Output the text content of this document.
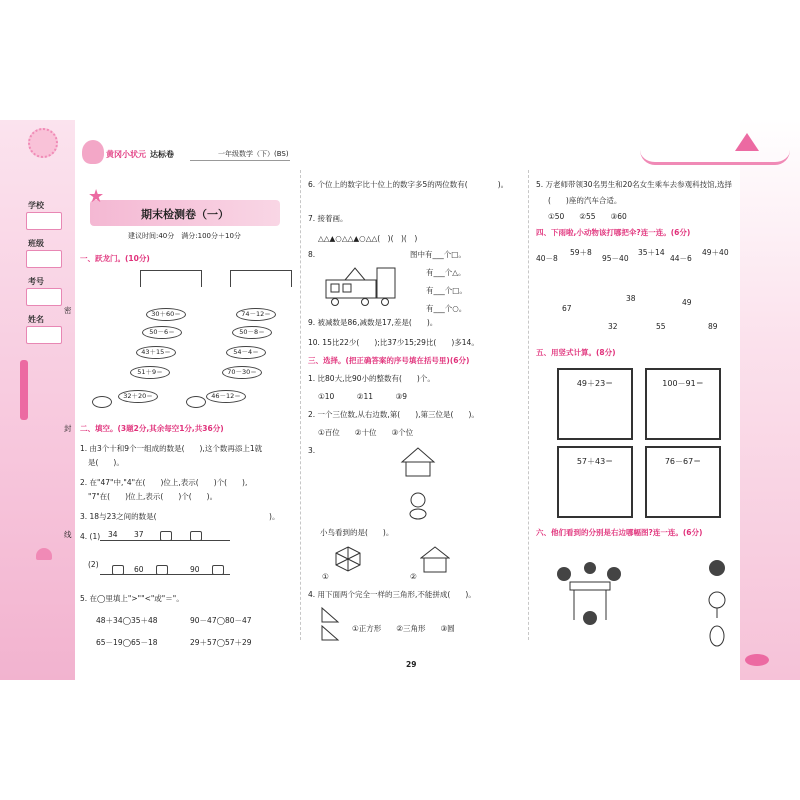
黄冈小状元 达标卷	一年级数学（下）(BS)
学校
班级
考号
姓名
密
封
线
期末检测卷（一）
★
建议时间:40分　满分:100分＋10分
一、跃龙门。(10分)
30＋60＝
50－6＝
43＋15＝
51＋9＝
32＋20＝
74－12＝
50－8＝
54－4＝
70－30＝
46－12＝
二、填空。(3题2分,其余每空1分,共36分)
1. 由3个十和9个一组成的数是(　　),这个数再添上1就
是(　　)。
2. 在"47"中,"4"在(　　)位上,表示(　　)个(　　),
"7"在(　　)位上,表示(　　)个(　　)。
3. 18与23之间的数是(　　　　　　　　　　　　　　　)。
4. (1) 34 37
(2)
60	90
5. 在◯里填上">""<"或"＝"。
48＋34◯35＋48	90－47◯80－47
65－19◯65－18	29＋57◯57＋29
6. 个位上的数字比十位上的数字多5的两位数有(　　　　)。
7. 接着画。
△△▲○△△▲○△△(　)(　)(　)
8.	图中有___个□。
有___个△。
有___个□。
有___个○。
9. 被减数是86,减数是17,差是(　　)。
10. 15比22少(　　);比37少15;29比(　　)多14。
三、选择。(把正确答案的序号填在括号里)(6分)
1. 比80大,比90小的整数有(　　)个。
①10　　　②11　　　③9
2. 一个三位数,从右边数,第(　　),第三位是(　　)。
①百位　　②十位　　③个位
3.
小鸟看到的是(　　)。
①	②
4. 用下面两个完全一样的三角形,不能拼成(　　)。
①正方形　　②三角形　　③圆
29
5. 万老师带领30名男生和20名女生乘车去参观科技馆,选择
(　　)座的汽车合适。
①50　　②55　　③60
四、下雨啦,小动物该打哪把伞?连一连。(6分)
40－8
59＋8
95－40
35＋14
44－6
49＋40
67
38	49
32	55	89
五、用竖式计算。(8分)
49＋23＝	100－91＝
57＋43＝	76－67＝
六、他们看到的分别是右边哪幅图?连一连。(6分)
